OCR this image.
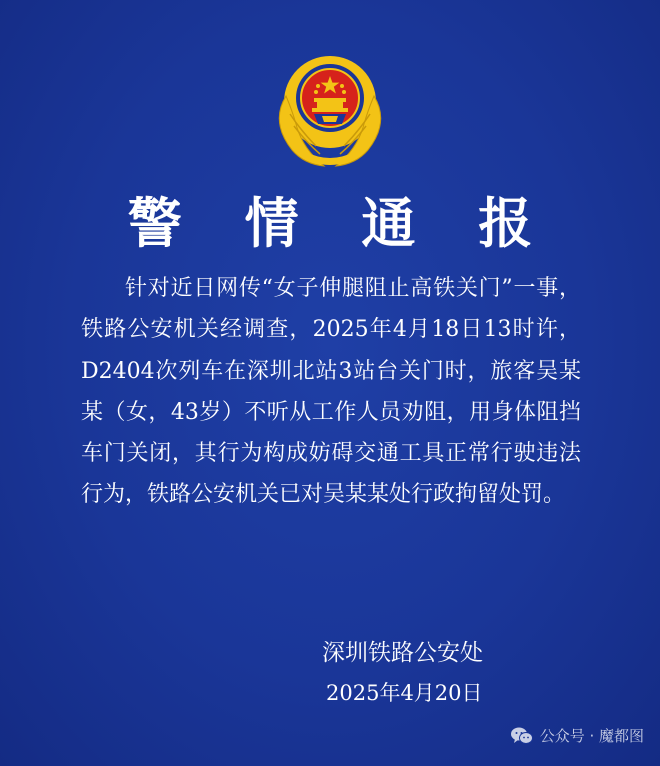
警 情 通 报

针对近日网传“女子伸腿阻止高铁关门”一事，铁路公安机关经调查，2025年4月18日13时许，D2404次列车在深圳北站3站台关门时，旅客吴某某（女，43岁）不听从工作人员劝阻，用身体阻挡车门关闭，其行为构成妨碍交通工具正常行驶违法行为，铁路公安机关已对吴某某处行政拘留处罚。

深圳铁路公安处

2025年4月20日

公众号 · 魔都图
